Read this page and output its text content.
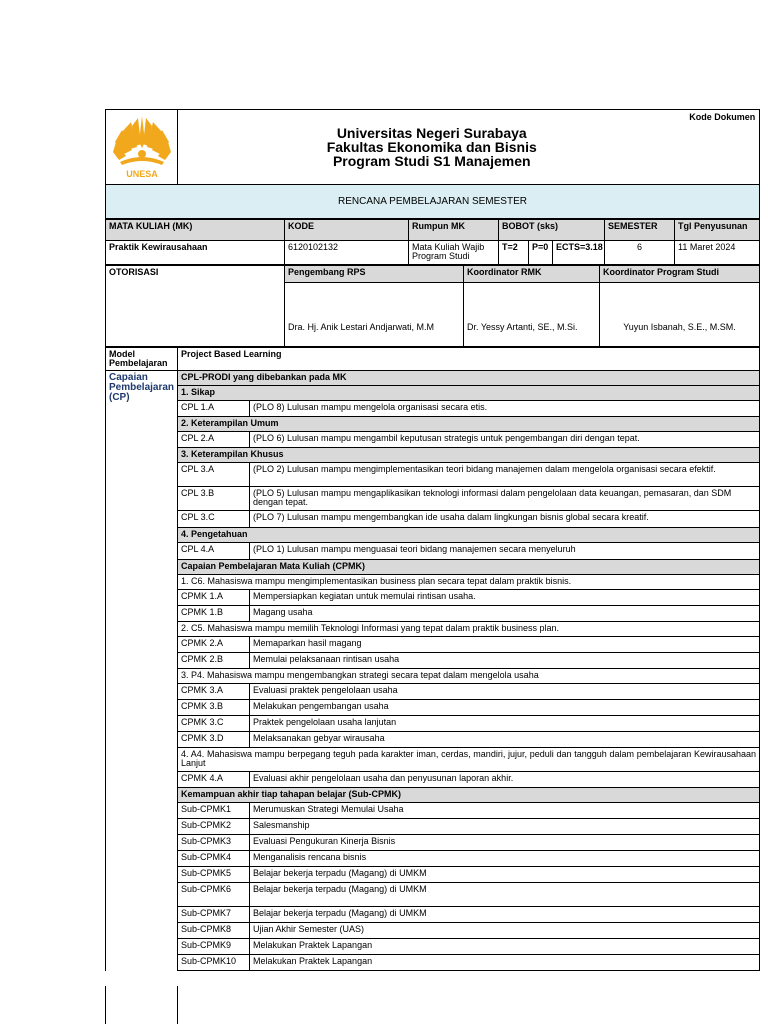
UNESA

Universitas Negeri Surabaya
Fakultas Ekonomika dan Bisnis
Program Studi S1 Manajemen
	Kode Dokumen
RENCANA PEMBELAJARAN SEMESTER
MATA KULIAH (MK)	KODE	Rumpun MK	BOBOT (sks)			SEMESTER	Tgl Penyusunan
Praktik Kewirausahaan	6120102132	Mata Kuliah Wajib Program Studi	T=2	P=0	ECTS=3.18	6	11 Maret 2024
OTORISASI	Pengembang RPS	Koordinator RMK	Koordinator Program Studi
	Dra. Hj. Anik Lestari Andjarwati, M.M	Dr. Yessy Artanti, SE., M.Si.	Yuyun Isbanah, S.E., M.SM.
Model Pembelajaran	Project Based Learning	
Capaian Pembelajaran (CP)	CPL-PRODI yang dibebankan pada MK	
	1. Sikap	
	CPL 1.A	(PLO 8) Lulusan mampu mengelola organisasi secara etis.
	2. Keterampilan Umum	
	CPL 2.A	(PLO 6) Lulusan mampu mengambil keputusan strategis untuk pengembangan diri dengan tepat.
	3. Keterampilan Khusus	
	CPL 3.A	(PLO 2) Lulusan mampu mengimplementasikan teori bidang manajemen dalam mengelola organisasi secara efektif.
	CPL 3.B	(PLO 5) Lulusan mampu mengaplikasikan teknologi informasi dalam pengelolaan data keuangan, pemasaran, dan SDM dengan tepat.
	CPL 3.C	(PLO 7) Lulusan mampu mengembangkan ide usaha dalam lingkungan bisnis global secara kreatif.
	4. Pengetahuan	
	CPL 4.A	(PLO 1) Lulusan mampu menguasai teori bidang manajemen secara menyeluruh
	Capaian Pembelajaran Mata Kuliah (CPMK)	
	1. C6. Mahasiswa mampu mengimplementasikan business plan secara tepat dalam praktik bisnis.	
	CPMK 1.A	Mempersiapkan kegiatan untuk memulai rintisan usaha.
	CPMK 1.B	Magang usaha
	2. C5. Mahasiswa mampu memilih Teknologi Informasi yang tepat dalam praktik business plan.	
	CPMK 2.A	Memaparkan hasil magang
	CPMK 2.B	Memulai pelaksanaan rintisan usaha
	3. P4. Mahasiswa mampu mengembangkan strategi secara tepat dalam mengelola usaha	
	CPMK 3.A	Evaluasi praktek pengelolaan usaha
	CPMK 3.B	Melakukan pengembangan usaha
	CPMK 3.C	Praktek pengelolaan usaha lanjutan
	CPMK 3.D	Melaksanakan gebyar wirausaha
	4. A4. Mahasiswa mampu berpegang teguh pada karakter iman, cerdas, mandiri, jujur, peduli dan tangguh dalam pembelajaran Kewirausahaan Lanjut	
	CPMK 4.A	Evaluasi akhir pengelolaan usaha dan penyusunan laporan akhir.
	Kemampuan akhir tiap tahapan belajar (Sub-CPMK)	
	Sub-CPMK1	Merumuskan Strategi Memulai Usaha
	Sub-CPMK2	Salesmanship
	Sub-CPMK3	Evaluasi Pengukuran Kinerja Bisnis
	Sub-CPMK4	Menganalisis rencana bisnis
	Sub-CPMK5	Belajar bekerja terpadu (Magang) di UMKM
	Sub-CPMK6	Belajar bekerja terpadu (Magang) di UMKM
	Sub-CPMK7	Belajar bekerja terpadu (Magang) di UMKM
	Sub-CPMK8	Ujian Akhir Semester (UAS)
	Sub-CPMK9	Melakukan Praktek Lapangan
	Sub-CPMK10	Melakukan Praktek Lapangan
